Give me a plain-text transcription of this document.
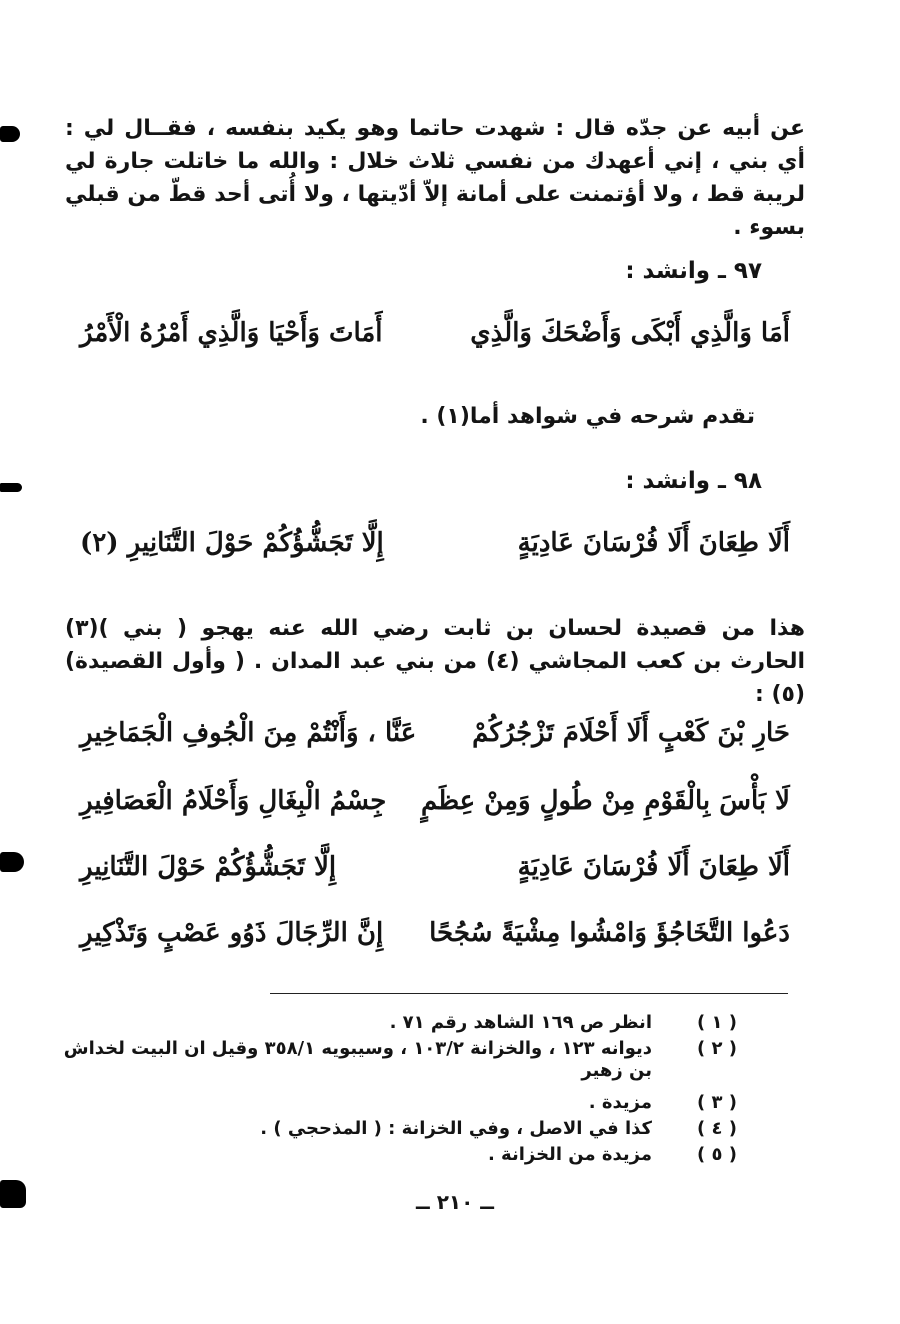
عن أبيه عن جدّه قال : شهدت حاتما وهو يكيد بنفسه ، فقــال لي : أي بني ، إني أعهدك من نفسي ثلاث خلال : والله ما خاتلت جارة لي لريبة قط ، ولا أؤتمنت على أمانة إلاّ أدّيتها ، ولا أُتى أحد قطّ من قبلي بسوء .

٩٧ ـ وانشد :
أَمَا وَالَّذِي أَبْكَى وَأَضْحَكَ وَالَّذِي
أَمَاتَ وَأَحْيَا وَالَّذِي أَمْرُهُ الْأَمْرُ
تقدم شرحه في شواهد أما(١) .
٩٨ ـ وانشد :
أَلَا طِعَانَ أَلَا فُرْسَانَ عَادِيَةٍ
إِلَّا تَجَشُّؤُكُمْ حَوْلَ التَّنَانِيرِ (٢)

هذا من قصيدة لحسان بن ثابت رضي الله عنه يهجو ( بني )(٣) الحارث بن كعب المجاشي (٤) من بني عبد المدان . ( وأول القصيدة)(٥) :

حَارِ بْنَ كَعْبٍ أَلَا أَحْلَامَ تَزْجُرُكُمْ
عَنَّا ، وَأَنْتُمْ مِنَ الْجُوفِ الْجَمَاخِيرِ
لَا بَأْسَ بِالْقَوْمِ مِنْ طُولٍ وَمِنْ عِظَمٍ
جِسْمُ الْبِغَالِ وَأَحْلَامُ الْعَصَافِيرِ
أَلَا طِعَانَ أَلَا فُرْسَانَ عَادِيَةٍ
إِلَّا تَجَشُّؤُكُمْ حَوْلَ التَّنَانِيرِ
دَعُوا التَّخَاجُؤَ وَامْشُوا مِشْيَةً سُجُحًا
إِنَّ الرِّجَالَ ذَوُو عَصْبٍ وَتَذْكِيرِ
( ١ )
انظر ص ١٦٩ الشاهد رقم ٧١ .
( ٢ )
ديوانه ١٢٣ ، والخزانة ١٠٣/٢ ، وسيبويه ٣٥٨/١ وقيل ان البيت لخداش بن زهير
( ٣ )
مزيدة .
( ٤ )
كذا في الاصل ، وفي الخزانة : ( المذحجي ) .
( ٥ )
مزيدة من الخزانة .
ــ ٢١٠ ــ
